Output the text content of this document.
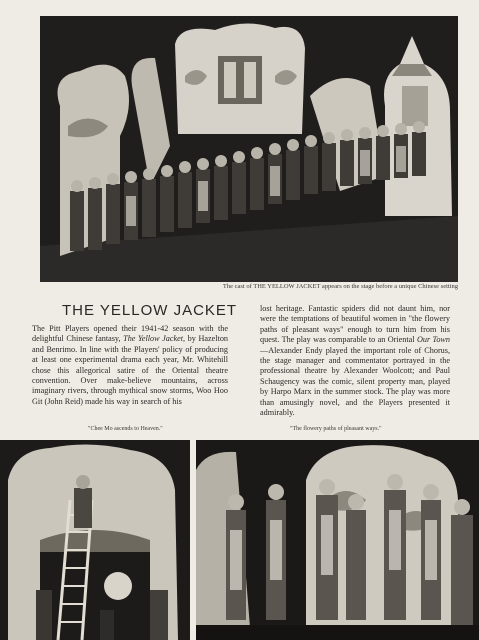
The cast of THE YELLOW JACKET appears on the stage before a unique Chinese setting
THE YELLOW JACKET
The Pitt Players opened their 1941-42 season with the delightful Chinese fantasy, The Yellow Jacket, by Hazelton and Benrimo. In line with the Players' policy of producing at least one experimental drama each year, Mr. Whitehill chose this allegorical satire of the Oriental theatre convention. Over make-believe mountains, across imaginary rivers, through mythical snow storms, Woo Hoo Git (John Reid) made his way in search of his
lost heritage. Fantastic spiders did not daunt him, nor were the temptations of beautiful women in "the flowery paths of pleasant ways" enough to turn him from his quest. The play was comparable to an Oriental Our Town—Alexander Endy played the important role of Chorus, the stage manager and commentator portrayed in the professional theatre by Alexander Woolcott; and Paul Schaugency was the comic, silent property man, played by Harpo Marx in the summer stock. The play was more than amusingly novel, and the Players presented it admirably.
"Chee Mo ascends to Heaven."	"The flowery paths of pleasant ways."
